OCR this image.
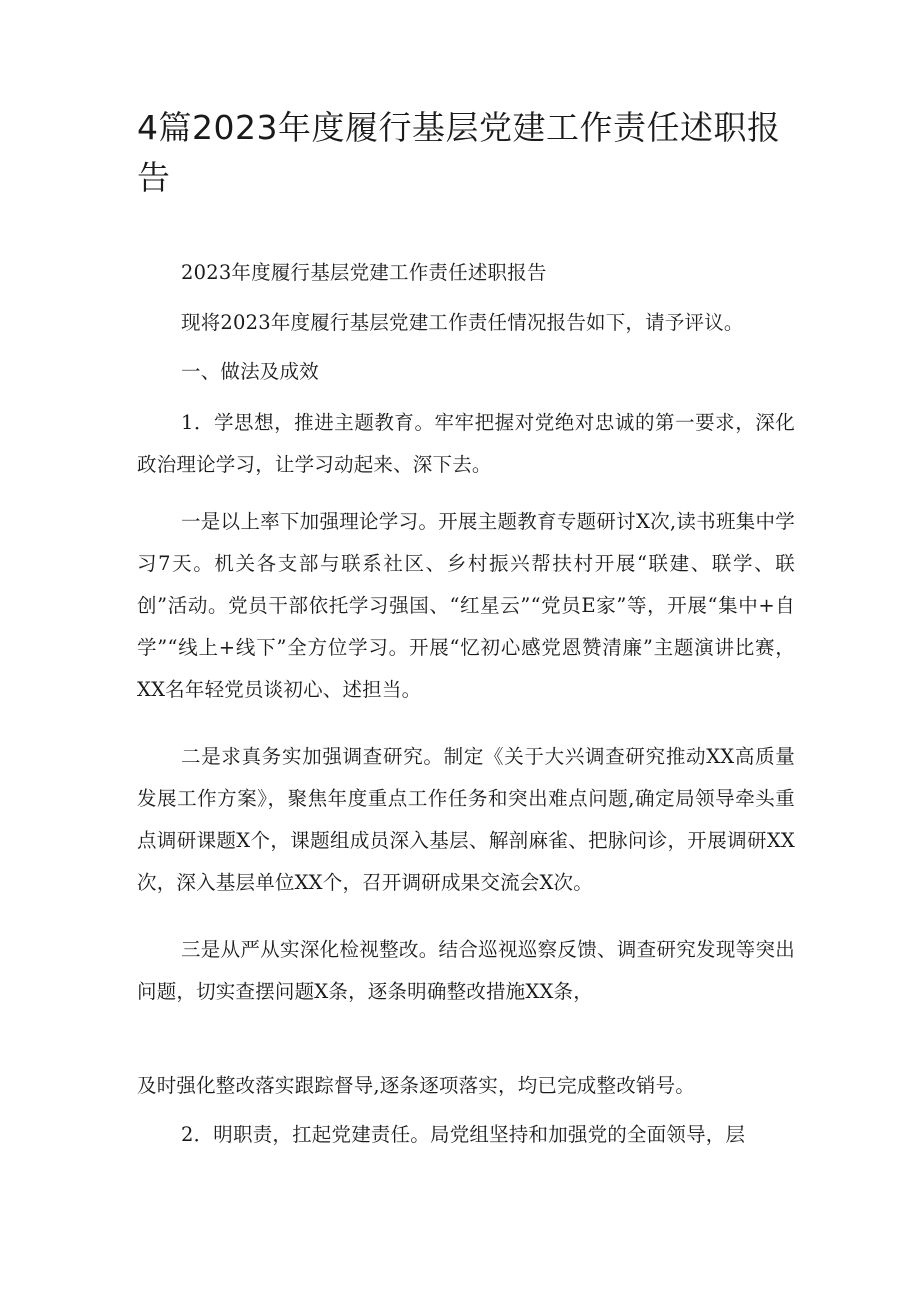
4篇2023年度履行基层党建工作责任述职报告

2023年度履行基层党建工作责任述职报告

现将2023年度履行基层党建工作责任情况报告如下，请予评议。

一、做法及成效

1．学思想，推进主题教育。牢牢把握对党绝对忠诚的第一要求，深化政治理论学习，让学习动起来、深下去。

一是以上率下加强理论学习。开展主题教育专题研讨X次,读书班集中学习7天。机关各支部与联系社区、乡村振兴帮扶村开展“联建、联学、联创”活动。党员干部依托学习强国、“红星云”“党员E家”等，开展“集中+自学”“线上+线下”全方位学习。开展“忆初心感党恩赞清廉”主题演讲比赛，XX名年轻党员谈初心、述担当。

二是求真务实加强调查研究。制定《关于大兴调查研究推动XX高质量发展工作方案》，聚焦年度重点工作任务和突出难点问题,确定局领导牵头重点调研课题X个，课题组成员深入基层、解剖麻雀、把脉问诊，开展调研XX次，深入基层单位XX个，召开调研成果交流会X次。

三是从严从实深化检视整改。结合巡视巡察反馈、调查研究发现等突出问题，切实查摆问题X条，逐条明确整改措施XX条，

及时强化整改落实跟踪督导,逐条逐项落实，均已完成整改销号。

2．明职责，扛起党建责任。局党组坚持和加强党的全面领导，层
